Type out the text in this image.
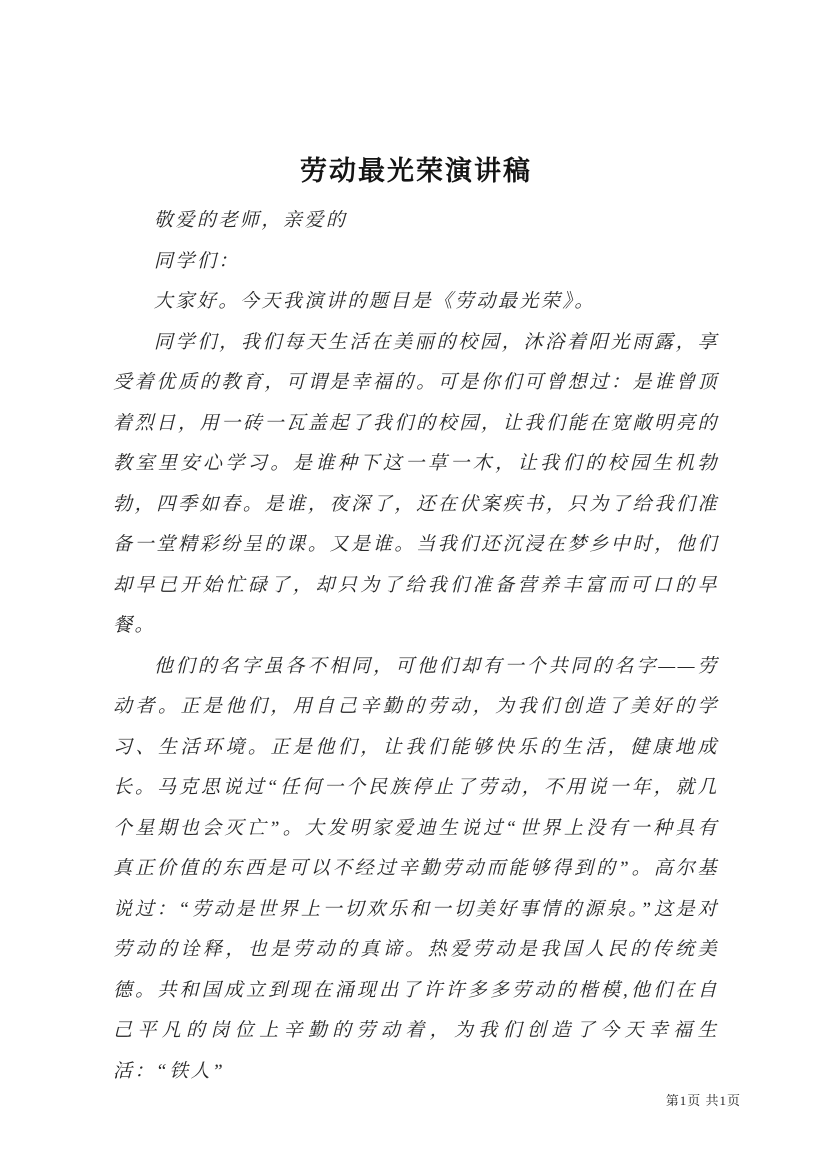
劳动最光荣演讲稿

敬爱的老师，亲爱的

同学们：

大家好。今天我演讲的题目是《劳动最光荣》。

同学们，我们每天生活在美丽的校园，沐浴着阳光雨露，享受着优质的教育，可谓是幸福的。可是你们可曾想过：是谁曾顶着烈日，用一砖一瓦盖起了我们的校园，让我们能在宽敞明亮的教室里安心学习。是谁种下这一草一木，让我们的校园生机勃勃，四季如春。是谁，夜深了，还在伏案疾书，只为了给我们准备一堂精彩纷呈的课。又是谁。当我们还沉浸在梦乡中时，他们却早已开始忙碌了，却只为了给我们准备营养丰富而可口的早餐。

他们的名字虽各不相同，可他们却有一个共同的名字——劳动者。正是他们，用自己辛勤的劳动，为我们创造了美好的学习、生活环境。正是他们，让我们能够快乐的生活，健康地成长。马克思说过“任何一个民族停止了劳动，不用说一年，就几个星期也会灭亡”。大发明家爱迪生说过“世界上没有一种具有真正价值的东西是可以不经过辛勤劳动而能够得到的”。高尔基说过：“劳动是世界上一切欢乐和一切美好事情的源泉。”这是对劳动的诠释，也是劳动的真谛。热爱劳动是我国人民的传统美德。共和国成立到现在涌现出了许许多多劳动的楷模,他们在自己平凡的岗位上辛勤的劳动着，为我们创造了今天幸福生活：“铁人”

第1页 共1页
